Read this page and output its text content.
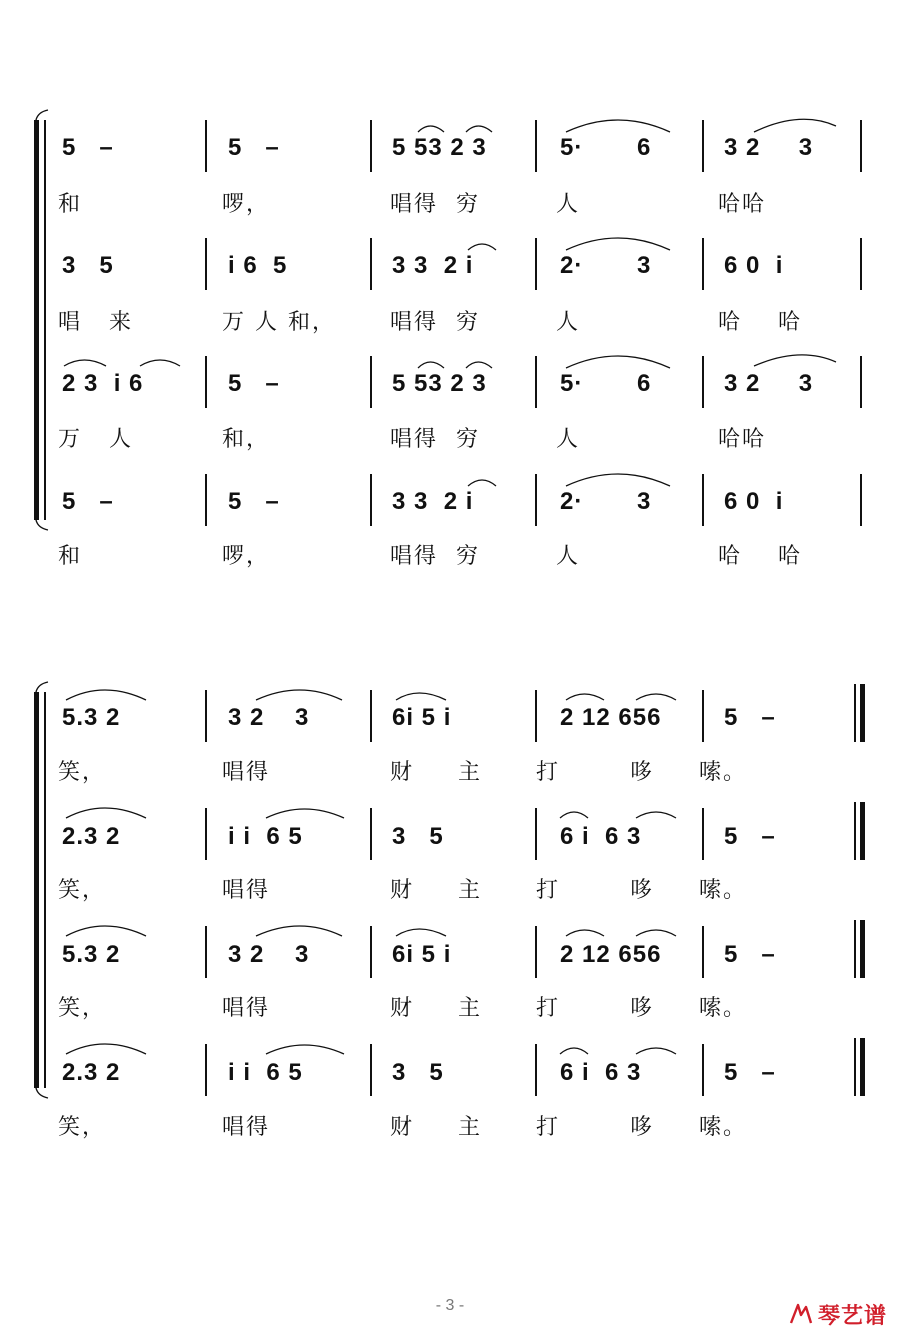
5   –	5   –	5 53 2 3	5·       6	3 2     3
和	啰，	唱得  穷	人	哈哈
3   5	i 6  5	3 3  2 i	2·       3	6 0  i
唱   来	万 人 和， 唱得  穷	人	哈    哈
2 3  i 6	5   –	5 53 2 3	5·       6	3 2     3
万   人	和，	唱得  穷	人	哈哈
5   –	5   –	3 3  2 i	2·       3	6 0  i
和	啰，	唱得  穷	人	哈    哈
5.3 2	3 2    3	6i 5 i	2 12 656	5   –
笑，	唱得	财 主      打	哆     嗦。
2.3 2	i i  6 5	3   5	6 i  6 3	5   –
笑，	唱得	财 主      打	哆     嗦。
5.3 2	3 2    3	6i 5 i	2 12 656	5   –
笑，	唱得	财 主      打	哆     嗦。
2.3 2	i i  6 5	3   5	6 i  6 3	5   –
笑，	唱得	财 主      打	哆     嗦。
- 3 -	琴艺谱
